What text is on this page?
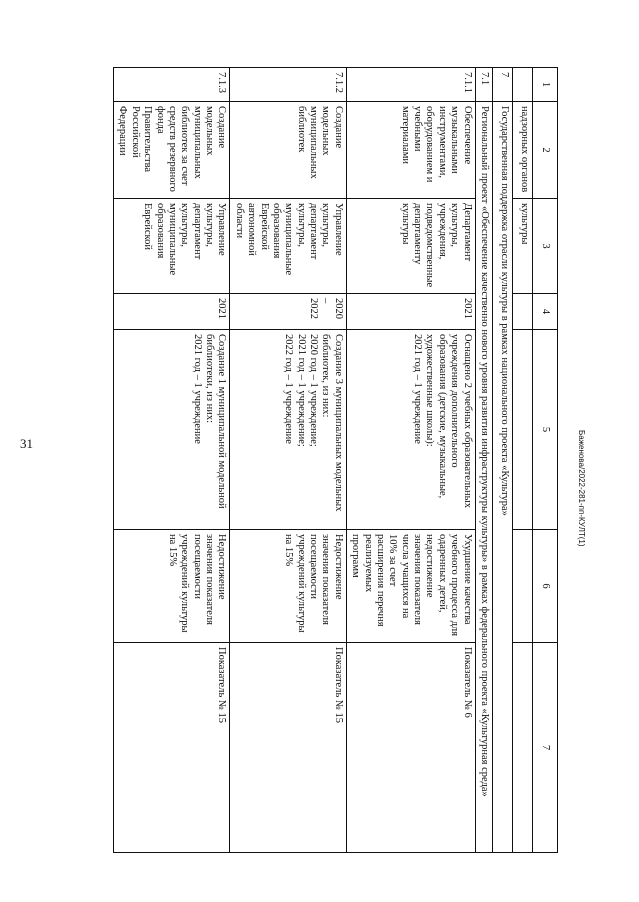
31	Баженова/2022-281-пп-КУЛТ(1)
1	2	3	4	5	6	7
	надзорных органов	культуры				
7	Государственная поддержка отрасли культуры в рамках национального проекта «Культура»					
7.1	Региональный проект «Обеспечение качественно нового уровня развития инфраструктуры культуры» в рамках федерального проекта «Культурная среда»					
7.1.1	Обеспечение музыкальными инструментами, оборудованием и учебными материалами	Департамент культуры, учреждения, подведомственные департаменту культуры	2021	Оснащено 2 учебных образовательных учреждения дополнительного образования (детские, музыкальные, художественные школы):
2021 год – 1 учреждение	Ухудшение качества учебного процесса для одаренных детей, недостижение значения показателя числа учащихся на 10% за счет расширения перечня реализуемых программ	Показатель № 6
7.1.2	Создание модельных муниципальных библиотек	Управление культуры, департамент культуры, муниципальные образования Еврейской автономной области	2020 – 2022	Создание 3 муниципальных модельных библиотек, из них:
2020 год – 1 учреждение;
2021 год – 1 учреждение;
2022 год – 1 учреждение	Недостижение значения показателя посещаемости учреждений культуры на 15%	Показатель № 15
7.1.3	Создание модельных муниципальных библиотек за счет средств резервного фонда Правительства Российской Федерации	Управление культуры, департамент культуры, муниципальные образования Еврейской	2021	Создание 1 муниципальной модельной библиотеки, из них:
2021 год – 1 учреждение	Недостижение значения показателя посещаемости учреждений культуры на 15%	Показатель № 15
